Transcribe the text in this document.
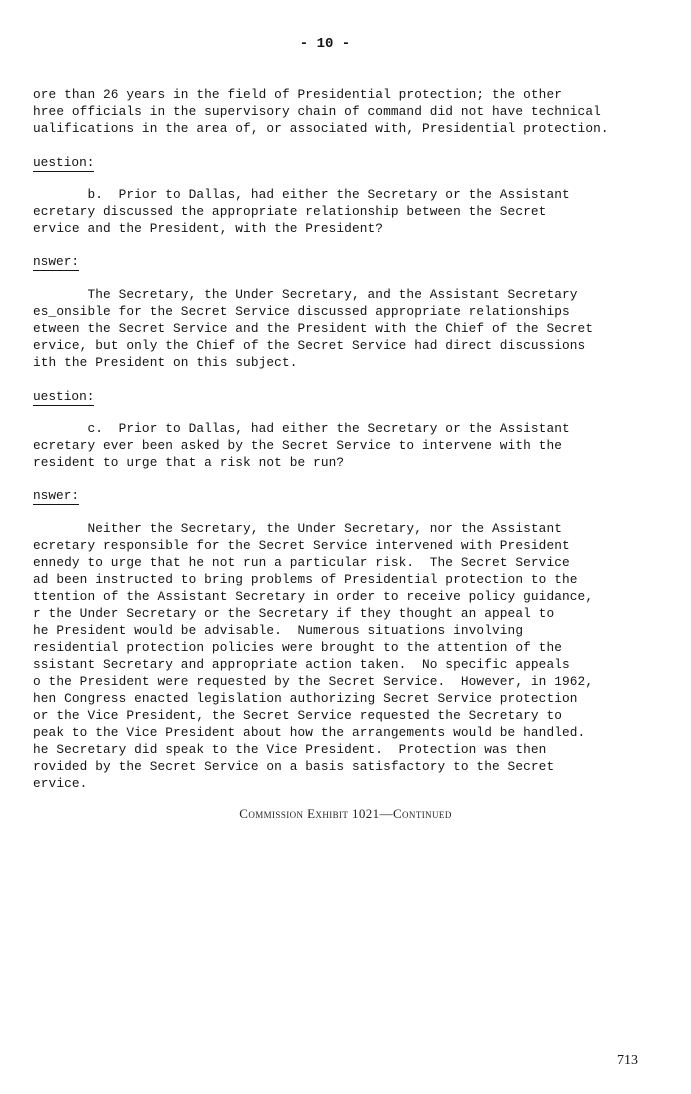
- 10 -
ore than 26 years in the field of Presidential protection; the other
hree officials in the supervisory chain of command did not have technical
ualifications in the area of, or associated with, Presidential protection.
uestion:
b.  Prior to Dallas, had either the Secretary or the Assistant
ecretary discussed the appropriate relationship between the Secret
ervice and the President, with the President?
nswer:
The Secretary, the Under Secretary, and the Assistant Secretary
es_onsible for the Secret Service discussed appropriate relationships
etween the Secret Service and the President with the Chief of the Secret
ervice, but only the Chief of the Secret Service had direct discussions
ith the President on this subject.
uestion:
c.  Prior to Dallas, had either the Secretary or the Assistant
ecretary ever been asked by the Secret Service to intervene with the
resident to urge that a risk not be run?
nswer:
Neither the Secretary, the Under Secretary, nor the Assistant
ecretary responsible for the Secret Service intervened with President
ennedy to urge that he not run a particular risk.  The Secret Service
ad been instructed to bring problems of Presidential protection to the
ttention of the Assistant Secretary in order to receive policy guidance,
r the Under Secretary or the Secretary if they thought an appeal to
he President would be advisable.  Numerous situations involving
residential protection policies were brought to the attention of the
ssistant Secretary and appropriate action taken.  No specific appeals
o the President were requested by the Secret Service.  However, in 1962,
hen Congress enacted legislation authorizing Secret Service protection
or the Vice President, the Secret Service requested the Secretary to
peak to the Vice President about how the arrangements would be handled.
he Secretary did speak to the Vice President.  Protection was then
rovided by the Secret Service on a basis satisfactory to the Secret
ervice.
Commission Exhibit 1021—Continued
713
